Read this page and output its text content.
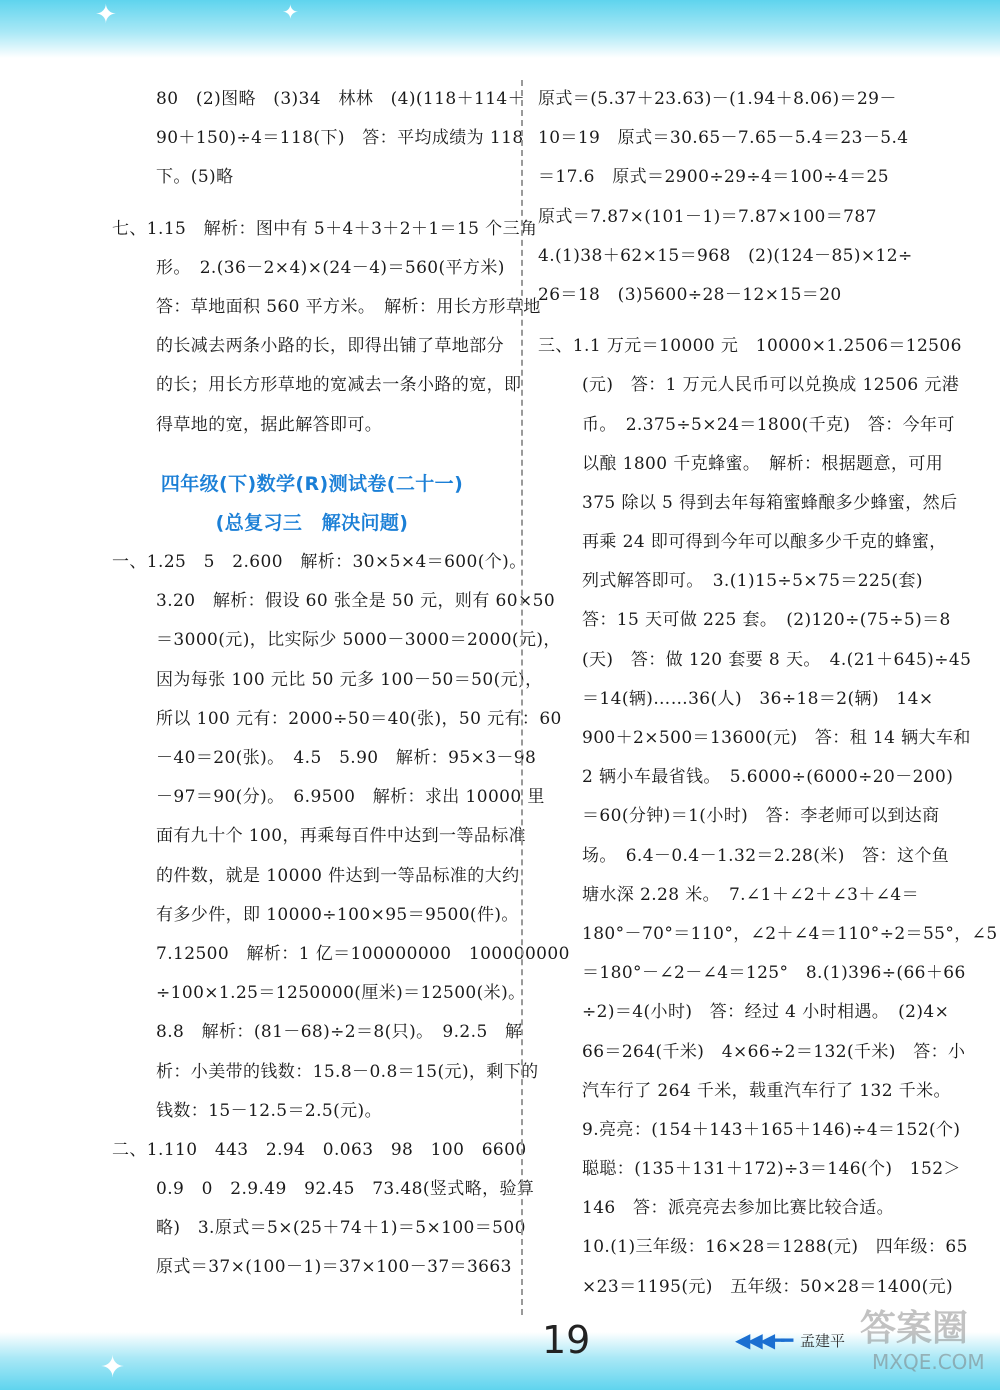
✦	✦
80　(2)图略　(3)34　林林　(4)(118＋114＋
90＋150)÷4＝118(下)　答：平均成绩为 118
下。(5)略
七、1.15　解析：图中有 5＋4＋3＋2＋1＝15 个三角
形。　2.(36－2×4)×(24－4)＝560(平方米)
答：草地面积 560 平方米。　解析：用长方形草地
的长减去两条小路的长，即得出铺了草地部分
的长；用长方形草地的宽减去一条小路的宽，即
得草地的宽，据此解答即可。
四年级(下)数学(R)测试卷(二十一)
(总复习三　解决问题)
一、1.25　5　2.600　解析：30×5×4＝600(个)。
3.20　解析：假设 60 张全是 50 元，则有 60×50
＝3000(元)，比实际少 5000－3000＝2000(元)，
因为每张 100 元比 50 元多 100－50＝50(元)，
所以 100 元有：2000÷50＝40(张)，50 元有：60
－40＝20(张)。　4.5　5.90　解析：95×3－98
－97＝90(分)。　6.9500　解析：求出 10000 里
面有九十个 100，再乘每百件中达到一等品标准
的件数，就是 10000 件达到一等品标准的大约
有多少件，即 10000÷100×95＝9500(件)。
7.12500　解析：1 亿＝100000000　100000000
÷100×1.25＝1250000(厘米)＝12500(米)。
8.8　解析：(81－68)÷2＝8(只)。　9.2.5　解
析：小美带的钱数：15.8－0.8＝15(元)，剩下的
钱数：15－12.5＝2.5(元)。
二、1.110　443　2.94　0.063　98　100　6600
0.9　0　2.9.49　92.45　73.48(竖式略，验算
略)　3.原式＝5×(25＋74＋1)＝5×100＝500
原式＝37×(100－1)＝37×100－37＝3663
原式＝(5.37＋23.63)－(1.94＋8.06)＝29－
10＝19　原式＝30.65－7.65－5.4＝23－5.4
＝17.6　原式＝2900÷29÷4＝100÷4＝25
原式＝7.87×(101－1)＝7.87×100＝787
4.(1)38＋62×15＝968　(2)(124－85)×12÷
26＝18　(3)5600÷28－12×15＝20
三、1.1 万元＝10000 元　10000×1.2506＝12506
(元)　答：1 万元人民币可以兑换成 12506 元港
币。　2.375÷5×24＝1800(千克)　答：今年可
以酿 1800 千克蜂蜜。　解析：根据题意，可用
375 除以 5 得到去年每箱蜜蜂酿多少蜂蜜，然后
再乘 24 即可得到今年可以酿多少千克的蜂蜜，
列式解答即可。　3.(1)15÷5×75＝225(套)
答：15 天可做 225 套。　(2)120÷(75÷5)＝8
(天)　答：做 120 套要 8 天。　4.(21＋645)÷45
＝14(辆)……36(人)　36÷18＝2(辆)　14×
900＋2×500＝13600(元)　答：租 14 辆大车和
2 辆小车最省钱。　5.6000÷(6000÷20－200)
＝60(分钟)＝1(小时)　答：李老师可以到达商
场。　6.4－0.4－1.32＝2.28(米)　答：这个鱼
塘水深 2.28 米。　7.∠1＋∠2＋∠3＋∠4＝
180°－70°＝110°，∠2＋∠4＝110°÷2＝55°，∠5
＝180°－∠2－∠4＝125°　8.(1)396÷(66＋66
÷2)＝4(小时)　答：经过 4 小时相遇。　(2)4×
66＝264(千米)　4×66÷2＝132(千米)　答：小
汽车行了 264 千米，载重汽车行了 132 千米。
9.亮亮：(154＋143＋165＋146)÷4＝152(个)
聪聪：(135＋131＋172)÷3＝146(个)　152＞
146　答：派亮亮去参加比赛比较合适。
10.(1)三年级：16×28＝1288(元)　四年级：65
×23＝1195(元)　五年级：50×28＝1400(元)
✦
19	◀◀◀━━ 孟建平 答案圈
MXQE.COM
